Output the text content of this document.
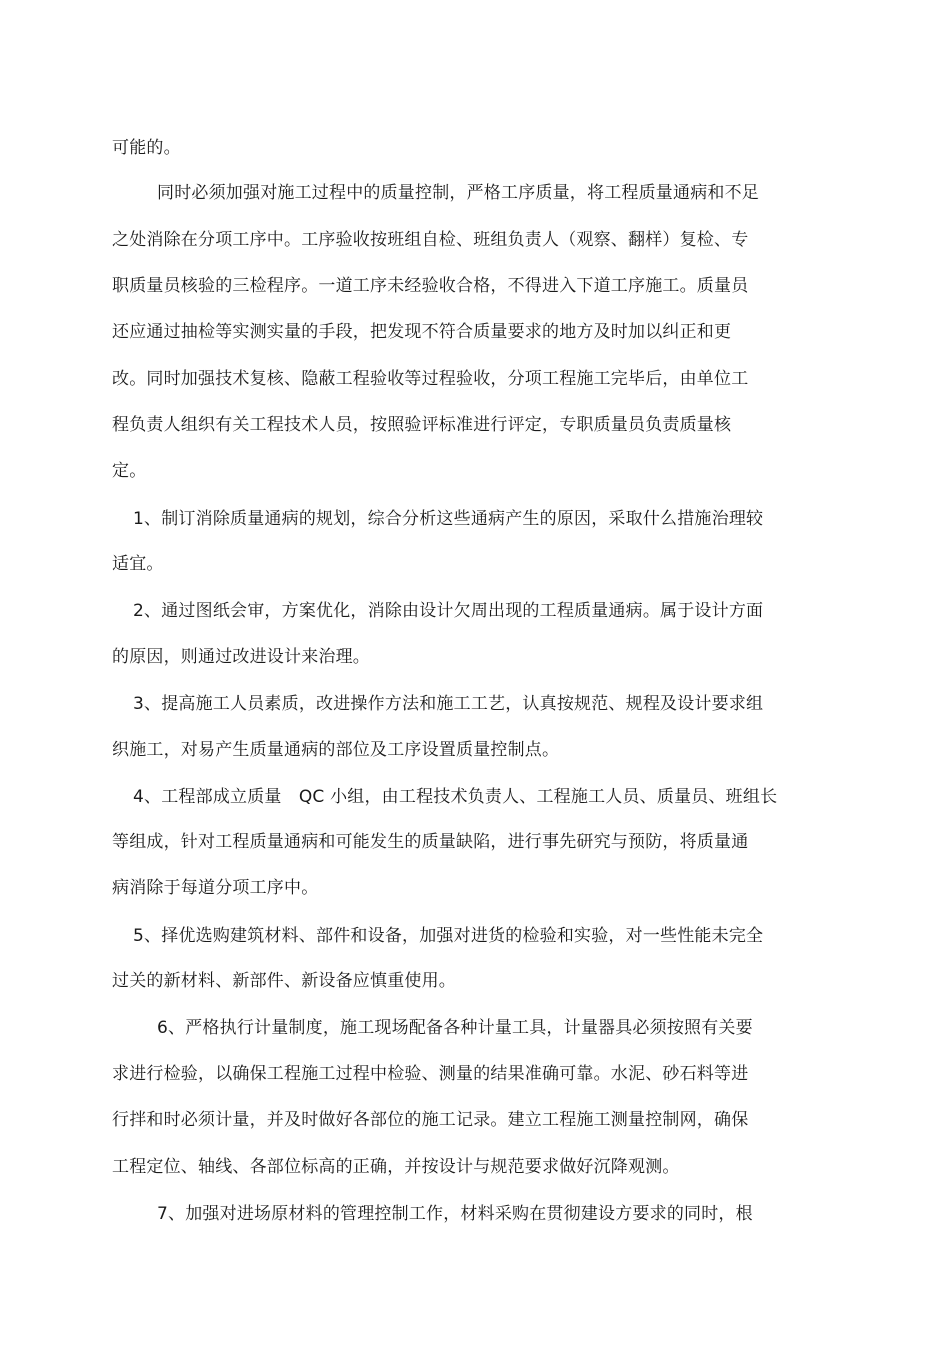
可能的。
同时必须加强对施工过程中的质量控制，严格工序质量，将工程质量通病和不足
之处消除在分项工序中。工序验收按班组自检、班组负责人（观察、翻样）复检、专
职质量员核验的三检程序。一道工序未经验收合格，不得进入下道工序施工。质量员
还应通过抽检等实测实量的手段，把发现不符合质量要求的地方及时加以纠正和更
改。同时加强技术复核、隐蔽工程验收等过程验收，分项工程施工完毕后，由单位工
程负责人组织有关工程技术人员，按照验评标准进行评定，专职质量员负责质量核
定。
1、制订消除质量通病的规划，综合分析这些通病产生的原因，采取什么措施治理较
适宜。
2、通过图纸会审，方案优化，消除由设计欠周出现的工程质量通病。属于设计方面
的原因，则通过改进设计来治理。
3、提高施工人员素质，改进操作方法和施工工艺，认真按规范、规程及设计要求组
织施工，对易产生质量通病的部位及工序设置质量控制点。
4、工程部成立质量　QC 小组，由工程技术负责人、工程施工人员、质量员、班组长
等组成，针对工程质量通病和可能发生的质量缺陷，进行事先研究与预防，将质量通
病消除于每道分项工序中。
5、择优选购建筑材料、部件和设备，加强对进货的检验和实验，对一些性能未完全
过关的新材料、新部件、新设备应慎重使用。
6、严格执行计量制度，施工现场配备各种计量工具，计量器具必须按照有关要
求进行检验，以确保工程施工过程中检验、测量的结果准确可靠。水泥、砂石料等进
行拌和时必须计量，并及时做好各部位的施工记录。建立工程施工测量控制网，确保
工程定位、轴线、各部位标高的正确，并按设计与规范要求做好沉降观测。
7、加强对进场原材料的管理控制工作，材料采购在贯彻建设方要求的同时，根
